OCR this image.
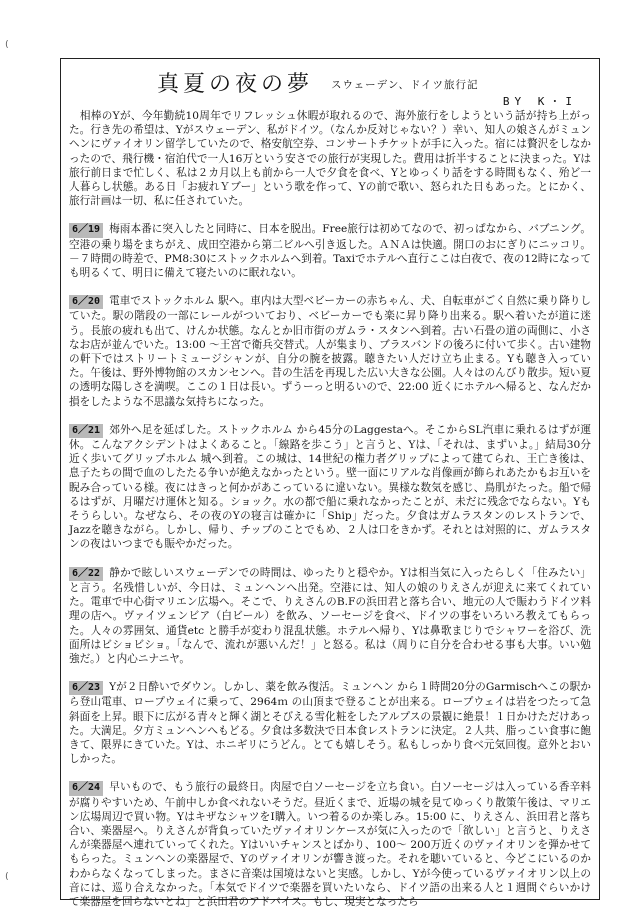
(
(
真夏の夜の夢 スウェーデン、ドイツ旅行記
BY K・I

　相棒のYが、今年勤続10周年でリフレッシュ休暇が取れるので、海外旅行をしようという話が持ち上がった。行き先の希望は、Yがスウェーデン、私がドイツ。（なんか反対じゃない？）幸い、知人の娘さんがミュンヘンにヴァイオリン留学していたので、格安航空券、コンサートチケットが手に入った。宿には贅沢をしなかったので、飛行機・宿泊代で一人16万という安さでの旅行が実現した。費用は折半することに決まった。Yは旅行前日まで忙しく、私は２カ月以上も前から一人で夕食を食べ、Yとゆっくり話をする時間もなく、殆ど一人暮らし状態。ある日「お疲れＹブー」という歌を作って、Yの前で歌い、怒られた日もあった。とにかく、旅行計画は一切、私に任されていた。

6／19 梅雨本番に突入したと同時に、日本を脱出。Free旅行は初めてなので、初っぱなから、バブニング。空港の乗り場をまちがえ、成田空港から第二ビルへ引き返した。ＡＮＡは快適。開口のおにぎりにニッコリ。－７時間の時差で、PM8:30にストックホルムへ到着。Taxiでホテルへ直行ここは白夜で、夜の12時になっても明るくて、明日に備えて寝たいのに眠れない。

6／20 電車でストックホルム 駅へ。車内は大型ベビーカーの赤ちゃん、犬、自転車がごく自然に乗り降りしていた。駅の階段の一部にレールがついており、ベビーカーでも楽に昇り降り出来る。駅へ着いたが道に迷う。長旅の疲れも出て、けんか状態。なんとか旧市街のガムラ・スタンへ到着。古い石畳の道の両側に、小さなお店が並んでいた。13:00 ～王宮で衛兵交替式。人が集まり、ブラスバンドの後ろに付いて歩く。古い建物の軒下ではストリートミュージシャンが、自分の腕を披露。聴きたい人だけ立ち止まる。Yも聴き入っていた。午後は、野外博物館のスカンセンへ。昔の生活を再現した広い大きな公園。人々はのんびり散歩。短い夏の透明な陽しさを満喫。ここの１日は長い。ずうーっと明るいので、22:00 近くにホテルへ帰ると、なんだか損をしたような不思議な気持ちになった。

6／21 郊外へ足を延ばした。ストックホルム から45分のLaggestaへ。そこからSL汽車に乗れるはずが運休。こんなアクシデントはよくあること。「線路を歩こう」と言うと、Yは、「それは、まずいよ。」結局30分近く歩いてグリップホルム 城へ到着。この城は、14世紀の権力者グリップによって建てられ、王亡き後は、息子たちの間で血のしたたる争いが絶えなかったという。壁一面にリアルな肖像画が飾られあたかもお互いを睨み合っている様。夜にはきっと何かがあこっているに違いない。異様な数気を感じ、鳥肌がたった。船で帰るはずが、月曜だけ運休と知る。ショック。水の都で船に乗れなかったことが、未だに残念でならない。Yもそうらしい。なぜなら、その夜のYの寝言は確かに「Ship」だった。夕食はガムラスタンのレストランで、Jazzを聴きながら。しかし、帰り、チップのことでもめ、２人は口をきかず。それとは対照的に、ガムラスタンの夜はいつまでも賑やかだった。

6／22 静かで眩しいスウェーデンでの時間は、ゆったりと穏やか。Yは相当気に入ったらしく「住みたい」と言う。名残惜しいが、今日は、ミュンヘンへ出発。空港には、知人の娘のりえさんが迎えに来てくれていた。電車で中心街マリエン広場へ。そこで、りえさんのB.Fの浜田君と落ち合い、地元の人で賑わうドイツ料理の店へ。ヴァイツェンビア（白ビール）を飲み、ソーセージを食べ、ドイツの事をいろいろ教えてもらった。人々の雰囲気、通貨etc と勝手が変わり混乱状態。ホテルへ帰り、Yは鼻歌まじりでシャワーを浴び、洗面所はビショビショ。「なんで、流れが悪いんだ！」と怒る。私は（周りに自分を合わせる事も大事。いい勉強だ。）と内心ニナニヤ。

6／23 Yが２日酔いでダウン。しかし、薬を飲み復活。ミュンヘン から１時間20分のGarmischへこの駅から登山電車、ロープウェイに乗って、2964ｍ の山頂まで登ることが出来る。ロープウェイは岩をつたって急斜面を上昇。眼下に広がる青々と輝く湖とそびえる雪化粧をしたアルプスの景観に絶景！１日かけただけあった。大満足。夕方ミュンヘンへもどる。夕食は多数決で日本食レストランに決定。２人共、脂っこい食事に飽きて、限界にきていた。Yは、ホニギリにうどん。とても嬉しそう。私もしっかり食べ元気回復。意外とおいしかった。

6／24 早いもので、もう旅行の最終日。肉屋で白ソーセージを立ち食い。白ソーセージは入っている香辛料が腐りやすいため、午前中しか食べれないそうだ。昼近くまで、近場の城を見てゆっくり散策午後は、マリエン広場周辺で買い物。YはキザなシャツをI購入。いつ着るのか楽しみ。15:00 に、りえさん、浜田君と落ち合い、楽器屋へ。りえさんが背負っていたヴァイオリンケースが気に入ったので「欲しい」と言うと、りえさんが楽器屋へ連れていってくれた。Yはいいチャンスとばかり、100～ 200万近くのヴァイオリンを弾かせてもらった。ミュンヘンの楽器屋で、Yのヴァイオリンが響き渡った。それを聴いていると、今どこにいるのかわからなくなってしまった。まさに音楽は国境はないと実感。しかし、Yが今使っているヴァイオリン以上の音には、巡り合えなかった。「本気でドイツで楽器を買いたいなら、ドイツ語の出来る人と１週間ぐらいかけて楽器屋を回らないとね」と浜田君のアドバイス。もし、現実となったら
